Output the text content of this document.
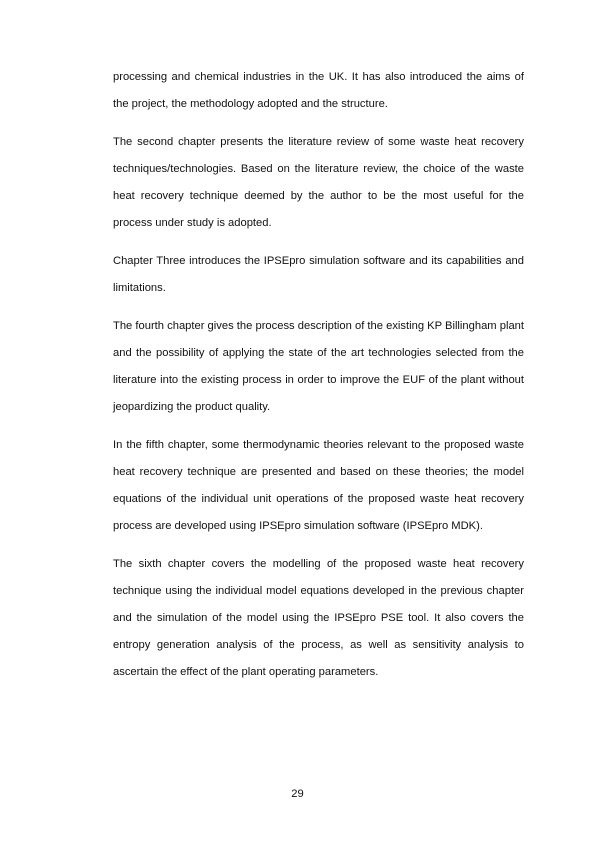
processing and chemical industries in the UK. It has also introduced the aims of the project, the methodology adopted and the structure.

The second chapter presents the literature review of some waste heat recovery techniques/technologies. Based on the literature review, the choice of the waste heat recovery technique deemed by the author to be the most useful for the process under study is adopted.

Chapter Three introduces the IPSEpro simulation software and its capabilities and limitations.

The fourth chapter gives the process description of the existing KP Billingham plant and the possibility of applying the state of the art technologies selected from the literature into the existing process in order to improve the EUF of the plant without jeopardizing the product quality.

In the fifth chapter, some thermodynamic theories relevant to the proposed waste heat recovery technique are presented and based on these theories; the model equations of the individual unit operations of the proposed waste heat recovery process are developed using IPSEpro simulation software (IPSEpro MDK).

The sixth chapter covers the modelling of the proposed waste heat recovery technique using the individual model equations developed in the previous chapter and the simulation of the model using the IPSEpro PSE tool. It also covers the entropy generation analysis of the process, as well as sensitivity analysis to ascertain the effect of the plant operating parameters.

29
